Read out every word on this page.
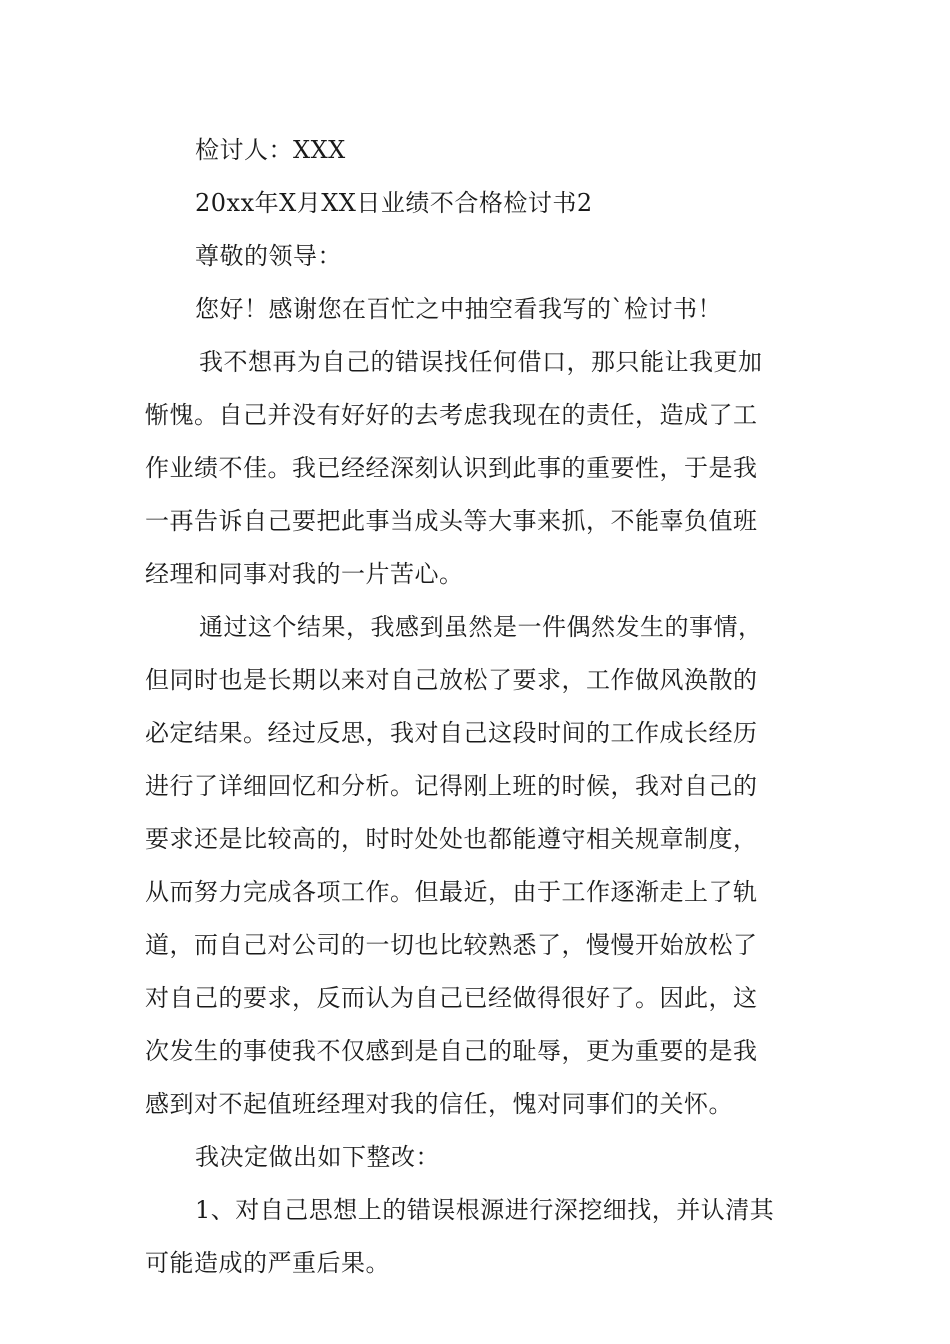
检讨人：XXX

20xx年X月XX日业绩不合格检讨书2

尊敬的领导：

您好！感谢您在百忙之中抽空看我写的`检讨书！

我不想再为自己的错误找任何借口，那只能让我更加

惭愧。自己并没有好好的去考虑我现在的责任，造成了工

作业绩不佳。我已经经深刻认识到此事的重要性，于是我

一再告诉自己要把此事当成头等大事来抓，不能辜负值班

经理和同事对我的一片苦心。

通过这个结果，我感到虽然是一件偶然发生的事情，

但同时也是长期以来对自己放松了要求，工作做风涣散的

必定结果。经过反思，我对自己这段时间的工作成长经历

进行了详细回忆和分析。记得刚上班的时候，我对自己的

要求还是比较高的，时时处处也都能遵守相关规章制度，

从而努力完成各项工作。但最近，由于工作逐渐走上了轨

道，而自己对公司的一切也比较熟悉了，慢慢开始放松了

对自己的要求，反而认为自己已经做得很好了。因此，这

次发生的事使我不仅感到是自己的耻辱，更为重要的是我

感到对不起值班经理对我的信任，愧对同事们的关怀。

我决定做出如下整改：

1、对自己思想上的错误根源进行深挖细找，并认清其

可能造成的严重后果。
